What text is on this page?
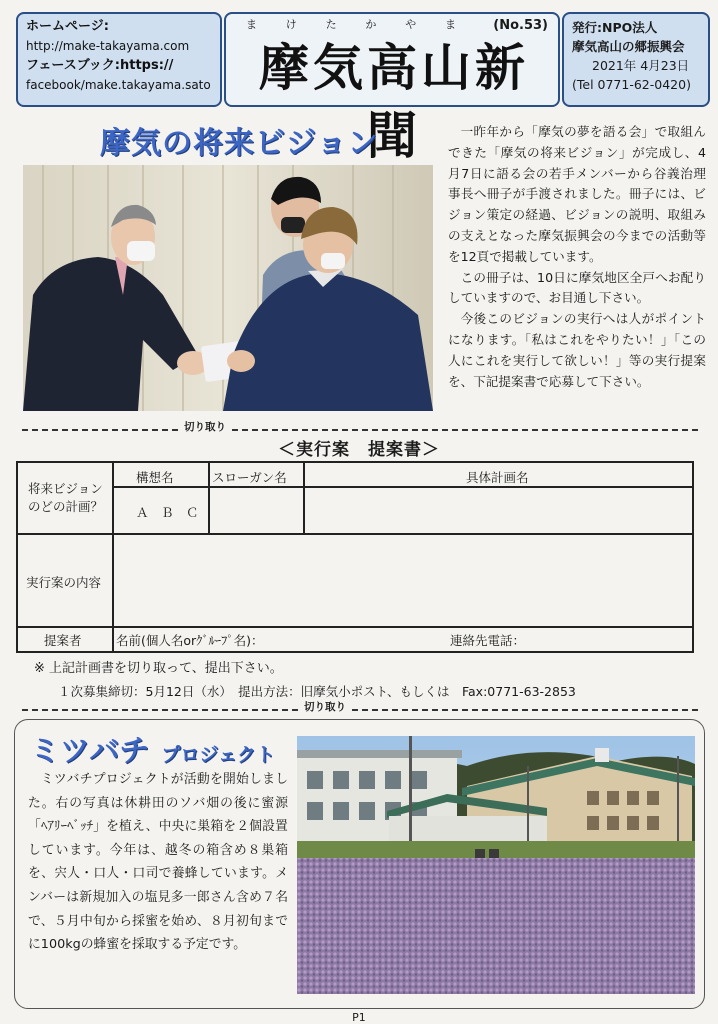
ホームページ:
http://make-takayama.com
フェースブック:https://
facebook/make.takayama.sato
ま	け	た	か	や	ま	(No.53)
摩気高山新聞
発行:NPO法人
摩気高山の郷振興会
2021年 4月23日
(Tel 0771-62-0420)
摩気の将来ビジョン	一昨年から「摩気の夢を語る会」で取組んできた「摩気の将来ビジョン」が完成し、4月7日に語る会の若手メンバーから谷義治理事長へ冊子が手渡されました。冊子には、ビジョン策定の経過、ビジョンの説明、取組みの支えとなった摩気振興会の今までの活動等を12頁で掲載しています。

この冊子は、10日に摩気地区全戸へお配りしていますので、お目通し下さい。

今後このビジョンの実行へは人がポイントになります。「私はこれをやりたい！」「この人にこれを実行して欲しい！」等の実行提案を、下記提案書で応募して下さい。

切り取り
＜実行案　提案書＞
将来ビジョン
のどの計画？
構想名	スローガン名	具体計画名
Ａ　Ｂ　Ｃ
実行案の内容
提案者	名前(個人名orｸﾞﾙｰﾌﾟ名)：	連絡先電話：
※ 上記計画書を切り取って、提出下さい。
１次募集締切：5月12日（水）　提出方法：旧摩気小ポスト、もしくは　Fax:0771-63-2853
切り取り
ミツバチ プロジェクト

ミツバチプロジェクトが活動を開始しました。右の写真は休耕田のソバ畑の後に蜜源「ﾍｱﾘｰﾍﾞｯﾁ」を植え、中央に巣箱を２個設置しています。今年は、越冬の箱含め８巣箱を、宍人・口人・口司で養蜂しています。メンバーは新規加入の塩見多一郎さん含め７名で、５月中旬から採蜜を始め、８月初旬までに100kgの蜂蜜を採取する予定です。

P1
